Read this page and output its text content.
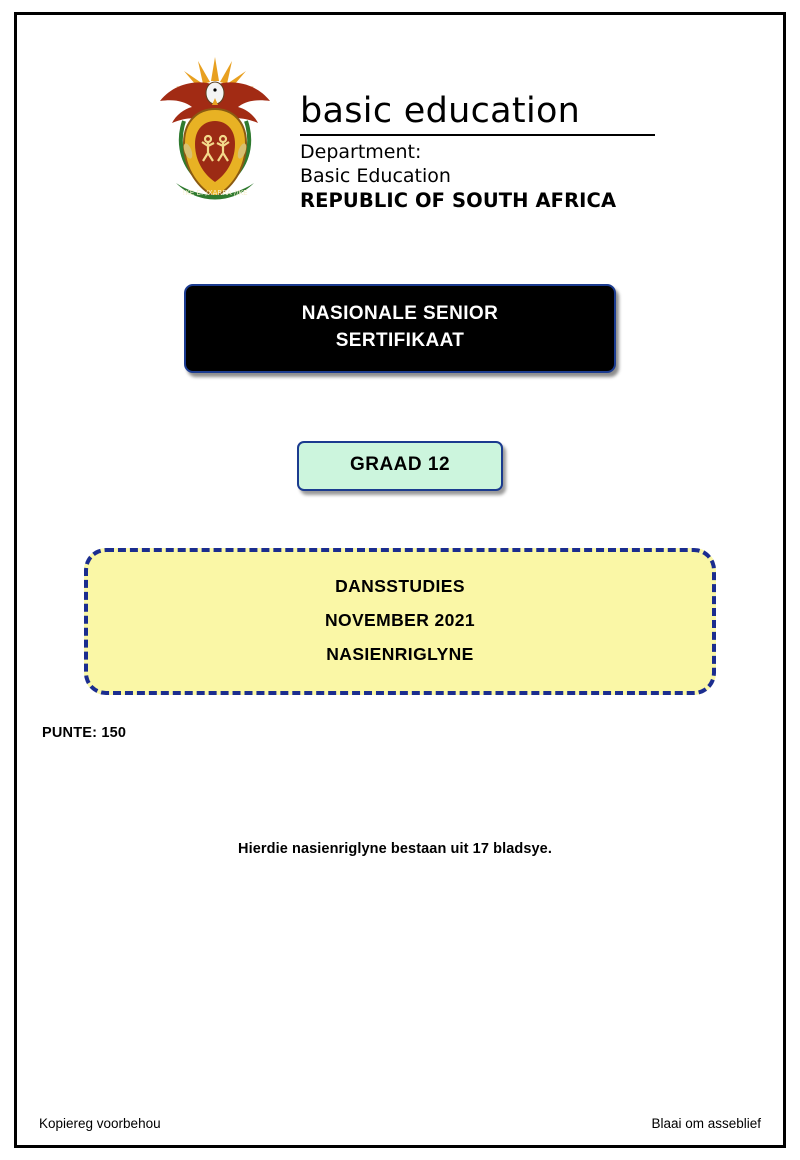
!KE E: /XARRA //KE
basic education
Department:
Basic Education
REPUBLIC OF SOUTH AFRICA
NASIONALE SENIOR
SERTIFIKAAT
GRAAD 12
DANSSTUDIES
NOVEMBER 2021
NASIENRIGLYNE
PUNTE: 150
Hierdie nasienriglyne bestaan uit 17 bladsye.
Kopiereg voorbehou	Blaai om asseblief
